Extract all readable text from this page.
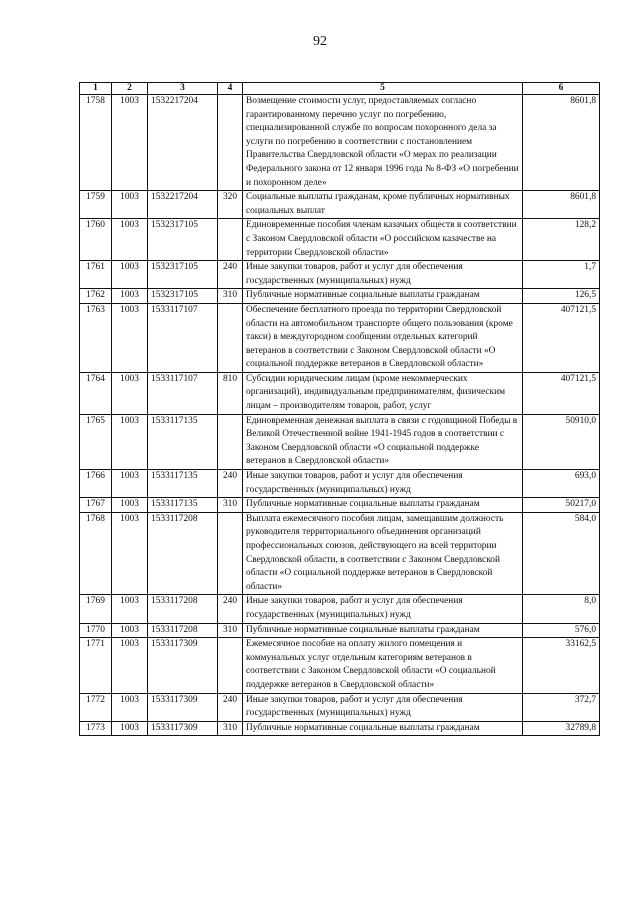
92
1	2	3	4	5	6
1758	1003	1532217204		Возмещение стоимости услуг, предоставляемых согласно гарантированному перечню услуг по погребению, специализированной службе по вопросам похоронного дела за услуги по погребению в соответствии с постановлением Правительства Свердловской области «О мерах по реализации Федерального закона от 12 января 1996 года № 8-ФЗ «О погребении и похоронном деле»	8601,8
1759	1003	1532217204	320	Социальные выплаты гражданам, кроме публичных нормативных социальных выплат	8601,8
1760	1003	1532317105		Единовременные пособия членам казачьих обществ в соответствии с Законом Свердловской области «О российском казачестве на территории Свердловской области»	128,2
1761	1003	1532317105	240	Иные закупки товаров, работ и услуг для обеспечения государственных (муниципальных) нужд	1,7
1762	1003	1532317105	310	Публичные нормативные социальные выплаты гражданам	126,5
1763	1003	1533117107		Обеспечение бесплатного проезда по территории Свердловской области на автомобильном транспорте общего пользования (кроме такси) в междугородном сообщении отдельных категорий ветеранов в соответствии с Законом Свердловской области «О социальной поддержке ветеранов в Свердловской области»	407121,5
1764	1003	1533117107	810	Субсидии юридическим лицам (кроме некоммерческих организаций), индивидуальным предпринимателям, физическим лицам – производителям товаров, работ, услуг	407121,5
1765	1003	1533117135		Единовременная денежная выплата в связи с годовщиной Победы в Великой Отечественной войне 1941-1945 годов в соответствии с Законом Свердловской области «О социальной поддержке ветеранов в Свердловской области»	50910,0
1766	1003	1533117135	240	Иные закупки товаров, работ и услуг для обеспечения государственных (муниципальных) нужд	693,0
1767	1003	1533117135	310	Публичные нормативные социальные выплаты гражданам	50217,0
1768	1003	1533117208		Выплата ежемесячного пособия лицам, замещавшим должность руководителя территориального объединения организаций профессиональных союзов, действующего на всей территории Свердловской области, в соответствии с Законом Свердловской области «О социальной поддержке ветеранов в Свердловской области»	584,0
1769	1003	1533117208	240	Иные закупки товаров, работ и услуг для обеспечения государственных (муниципальных) нужд	8,0
1770	1003	1533117208	310	Публичные нормативные социальные выплаты гражданам	576,0
1771	1003	1533117309		Ежемесячное пособие на оплату жилого помещения и коммунальных услуг отдельным категориям ветеранов в соответствии с Законом Свердловской области «О социальной поддержке ветеранов в Свердловской области»	33162,5
1772	1003	1533117309	240	Иные закупки товаров, работ и услуг для обеспечения государственных (муниципальных) нужд	372,7
1773	1003	1533117309	310	Публичные нормативные социальные выплаты гражданам	32789,8
